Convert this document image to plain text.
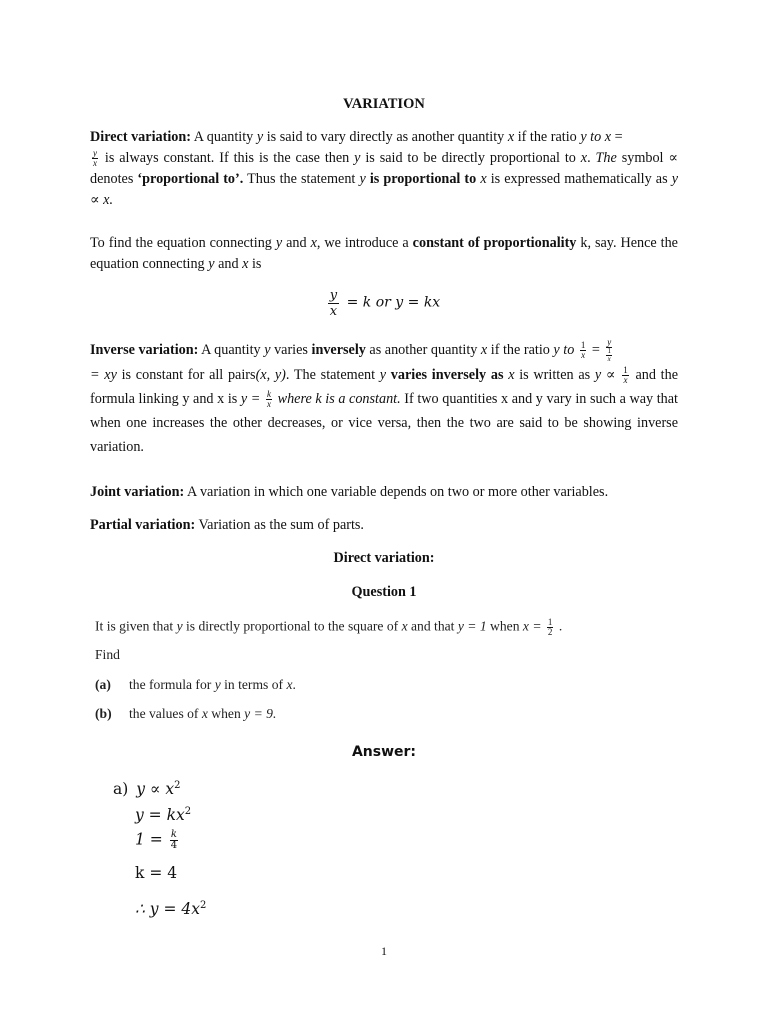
VARIATION
Direct variation: A quantity y is said to vary directly as another quantity x if the ratio y to x =

$\frac{y}{x}$ is always constant. If this is the case then y is said to be directly proportional to x. The symbol ∝ denotes ‘proportional to’. Thus the statement y is proportional to x is expressed mathematically as y ∝ x.
To find the equation connecting y and x, we introduce a constant of proportionality k, say. Hence the equation connecting y and x is
$\frac{y}{x} = k$ or y = kx
Inverse variation: A quantity y varies inversely as another quantity x if the ratio y to $\frac{1}{x} = \frac{y}{\frac{1}{x}}$

= xy is constant for all pairs(x, y). The statement y varies inversely as x is written as $y \propto \frac{1}{x}$ and the formula linking y and x is $y = \frac{k}{x}$ where k is a constant. If two quantities x and y vary in such a way that when one increases the other decreases, or vice versa, then the two are said to be showing inverse variation.
Joint variation: A variation in which one variable depends on two or more other variables.
Partial variation: Variation as the sum of parts.
Direct variation:
Question 1
It is given that y is directly proportional to the square of x and that y = 1 when $x = \frac{1}{2}$ .
Find
(a) the formula for y in terms of x.
(b) the values of x when y = 9.
Answer:
a) $y \propto x^2$
$y = kx^2$
$1 = \frac{k}{4}$
k = 4
∴ $y = 4x^2$
1
